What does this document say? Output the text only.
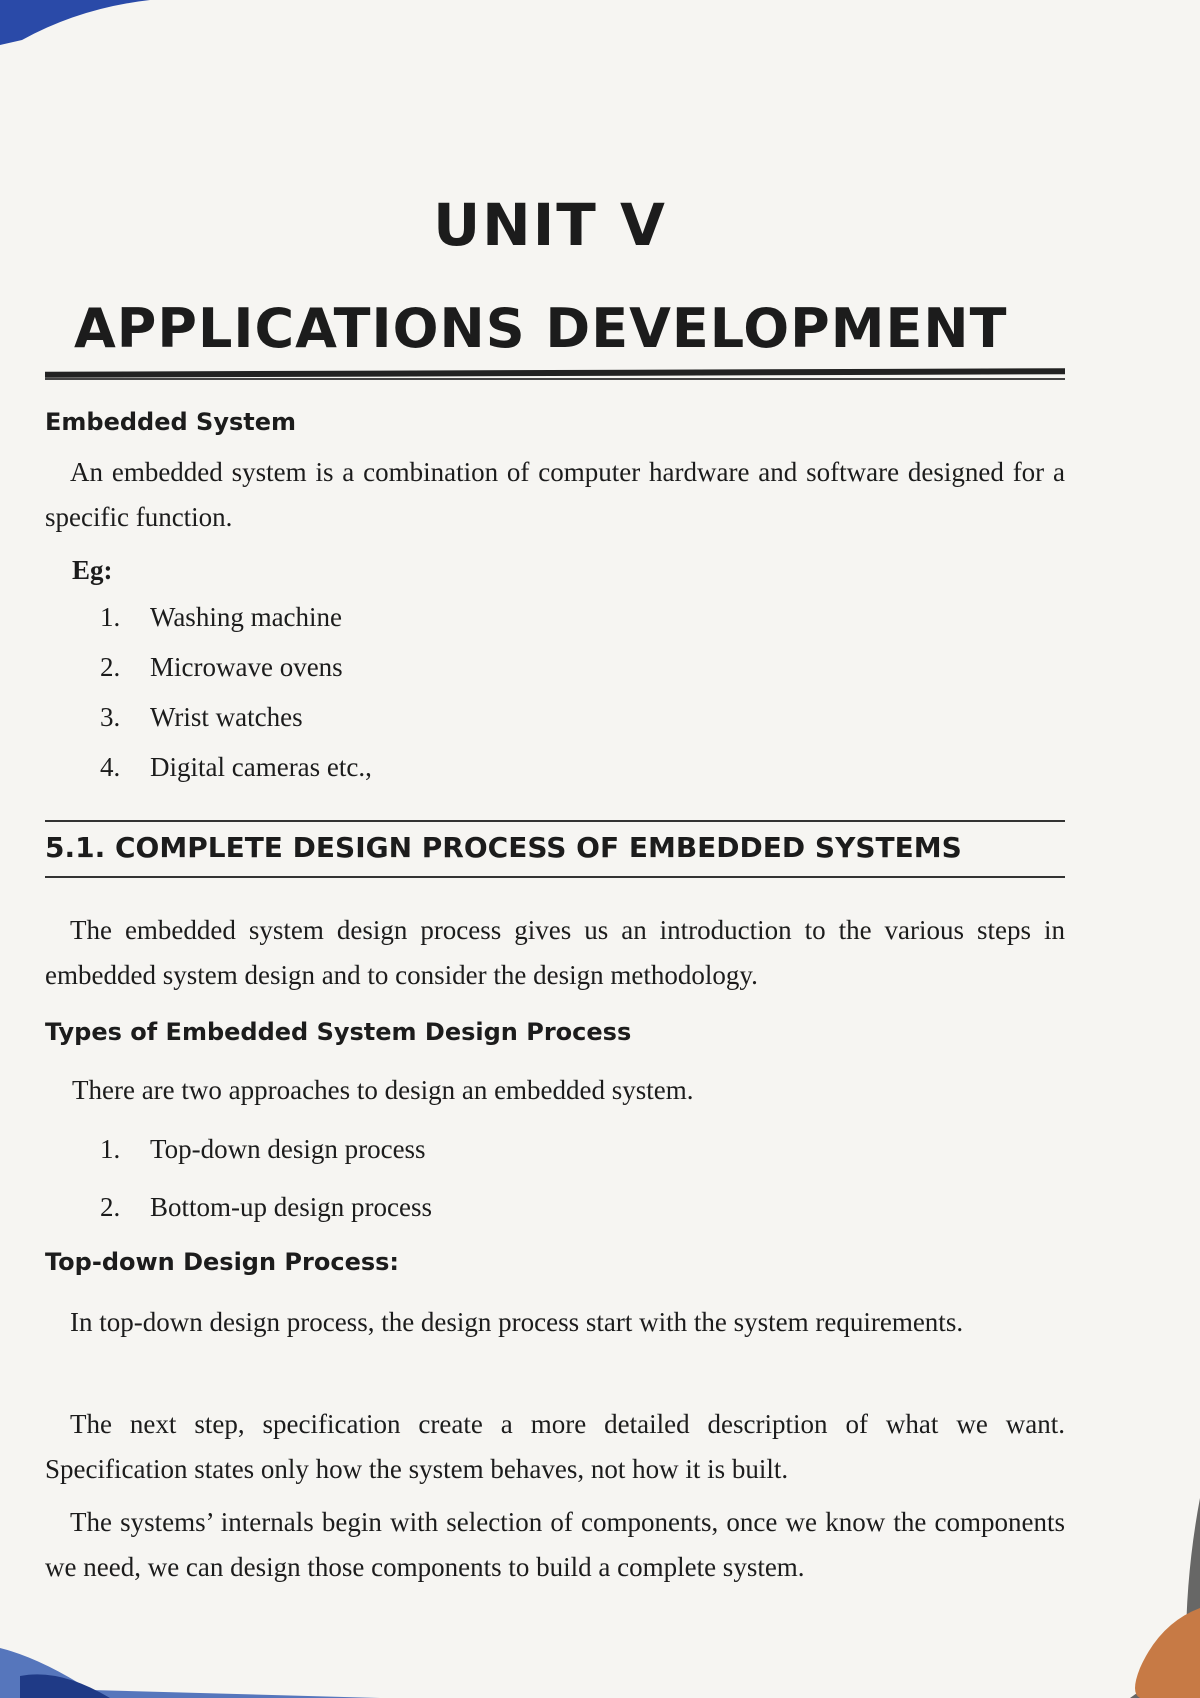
UNIT V
APPLICATIONS DEVELOPMENT
Embedded System

An embedded system is a combination of computer hardware and software designed for a specific function.

Eg:

1.	Washing machine
2.	Microwave ovens
3.	Wrist watches
4.	Digital cameras etc.,
5.1. COMPLETE DESIGN PROCESS OF EMBEDDED SYSTEMS

The embedded system design process gives us an introduction to the various steps in embedded system design and to consider the design methodology.

Types of Embedded System Design Process

There are two approaches to design an embedded system.

1.	Top-down design process
2.	Bottom-up design process
Top-down Design Process:

In top-down design process, the design process start with the system requirements.

The next step, specification create a more detailed description of what we want. Specification states only how the system behaves, not how it is built.

The systems’ internals begin with selection of components, once we know the components we need, we can design those components to build a complete system.
